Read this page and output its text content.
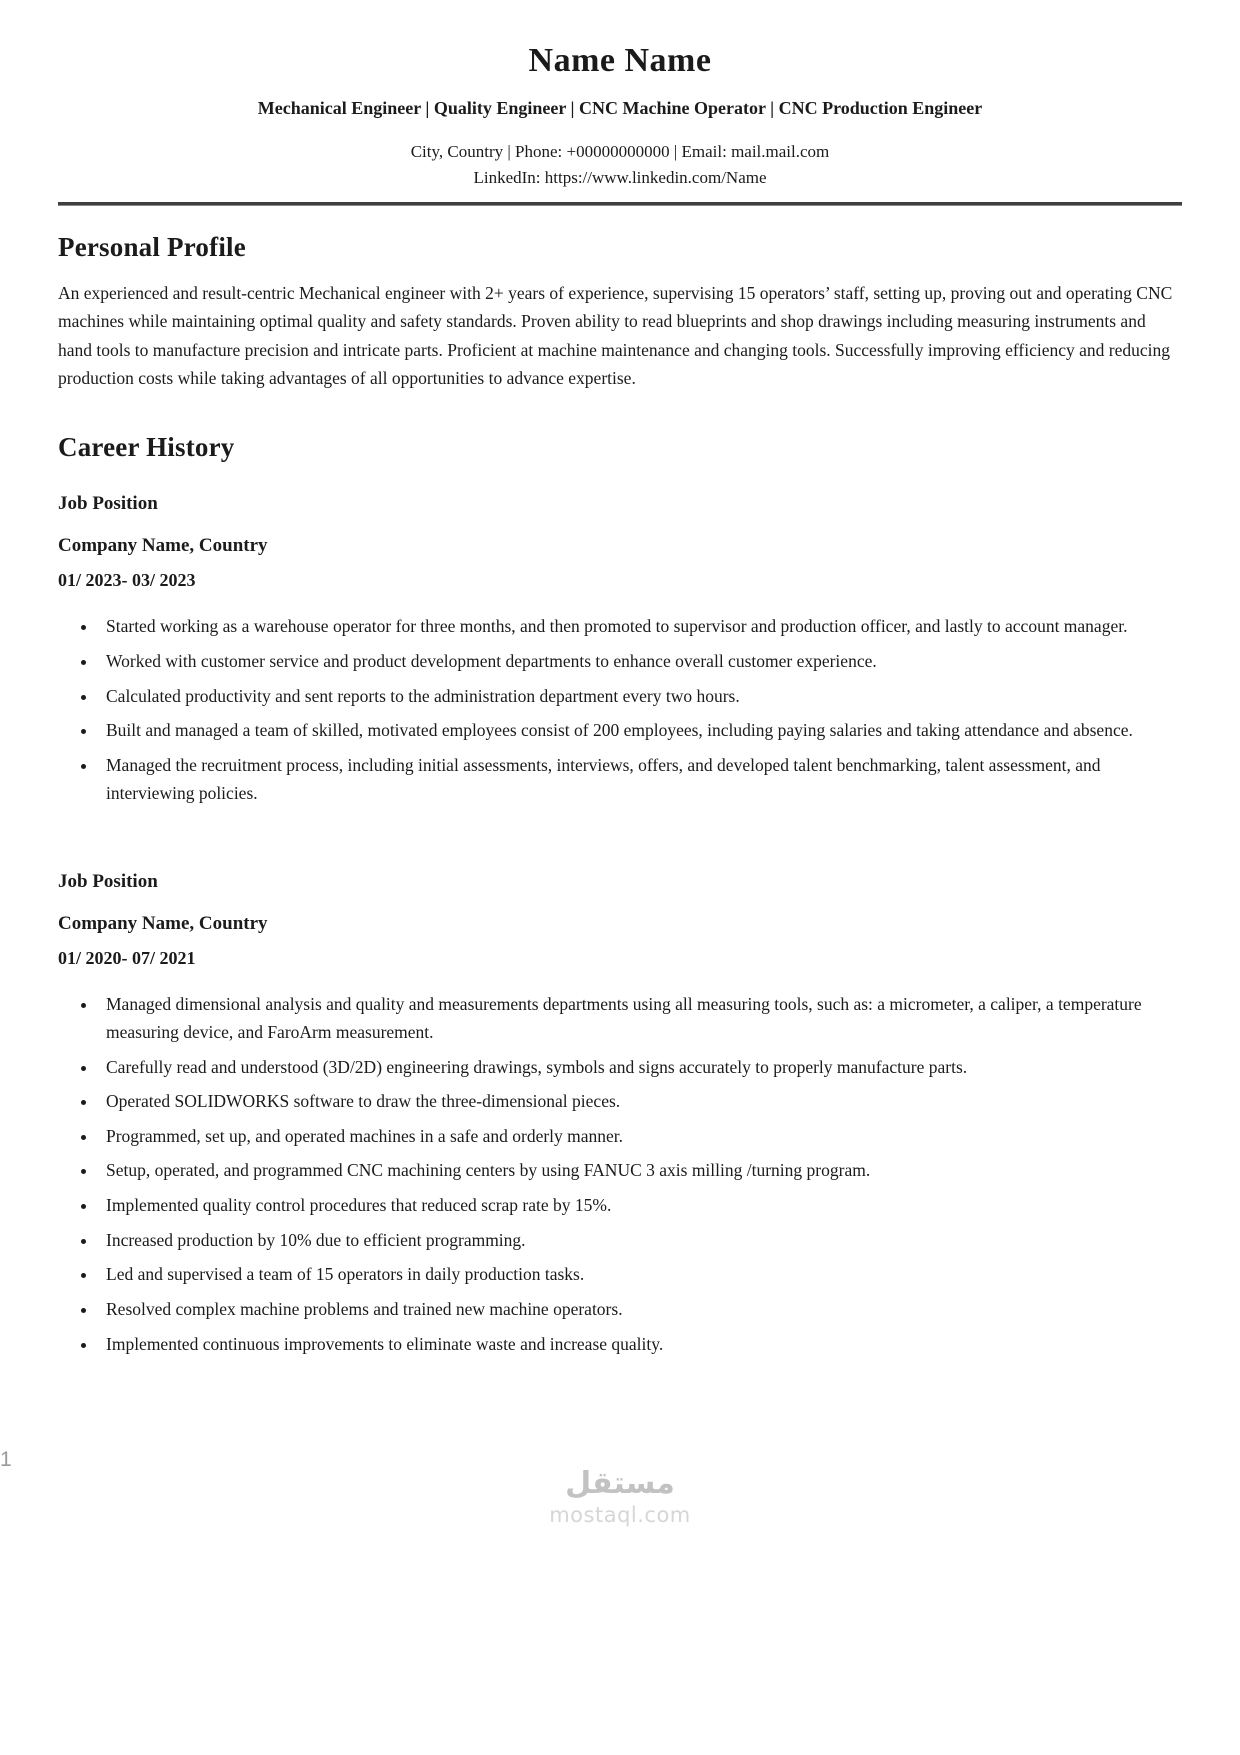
Name Name
Mechanical Engineer | Quality Engineer | CNC Machine Operator | CNC Production Engineer
City, Country | Phone: +00000000000 | Email: mail.mail.com
LinkedIn: https://www.linkedin.com/Name
Personal Profile
An experienced and result-centric Mechanical engineer with 2+ years of experience, supervising 15 operators’ staff, setting up, proving out and operating CNC machines while maintaining optimal quality and safety standards. Proven ability to read blueprints and shop drawings including measuring instruments and hand tools to manufacture precision and intricate parts. Proficient at machine maintenance and changing tools. Successfully improving efficiency and reducing production costs while taking advantages of all opportunities to advance expertise.
Career History
Job Position
Company Name, Country
01/ 2023- 03/ 2023
• Started working as a warehouse operator for three months, and then promoted to supervisor and production officer, and lastly to account manager.
• Worked with customer service and product development departments to enhance overall customer experience.
• Calculated productivity and sent reports to the administration department every two hours.
• Built and managed a team of skilled, motivated employees consist of 200 employees, including paying salaries and taking attendance and absence.
• Managed the recruitment process, including initial assessments, interviews, offers, and developed talent benchmarking, talent assessment, and interviewing policies.
Job Position
Company Name, Country
01/ 2020- 07/ 2021
• Managed dimensional analysis and quality and measurements departments using all measuring tools, such as: a micrometer, a caliper, a temperature measuring device, and FaroArm measurement.
• Carefully read and understood (3D/2D) engineering drawings, symbols and signs accurately to properly manufacture parts.
• Operated SOLIDWORKS software to draw the three-dimensional pieces.
• Programmed, set up, and operated machines in a safe and orderly manner.
• Setup, operated, and programmed CNC machining centers by using FANUC 3 axis milling /turning program.
• Implemented quality control procedures that reduced scrap rate by 15%.
• Increased production by 10% due to efficient programming.
• Led and supervised a team of 15 operators in daily production tasks.
• Resolved complex machine problems and trained new machine operators.
• Implemented continuous improvements to eliminate waste and increase quality.
1
مستقل
mostaql.com
